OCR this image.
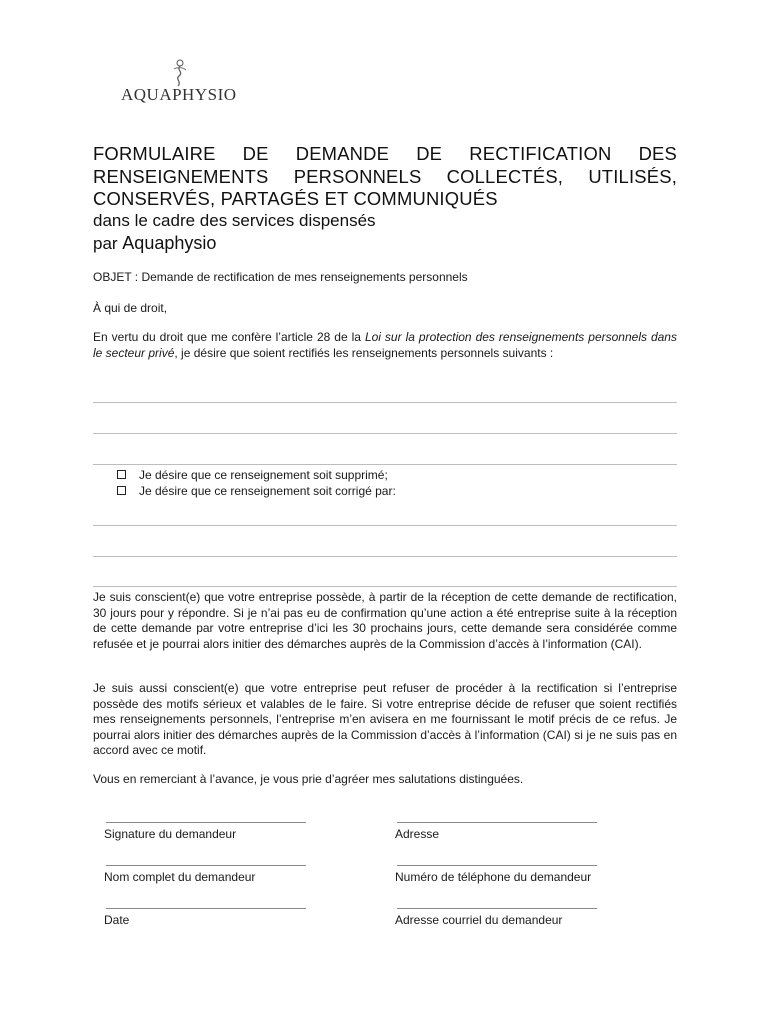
AQUAPHYSIO
FORMULAIRE DE DEMANDE DE RECTIFICATION DES
RENSEIGNEMENTS PERSONNELS COLLECTÉS, UTILISÉS,
CONSERVÉS, PARTAGÉS ET COMMUNIQUÉS
dans le cadre des services dispensés
par Aquaphysio
OBJET : Demande de rectification de mes renseignements personnels
À qui de droit,
En vertu du droit que me confère l’article 28 de la Loi sur la protection des renseignements personnels dans le secteur privé, je désire que soient rectifiés les renseignements personnels suivants :
Je désire que ce renseignement soit supprimé;
Je désire que ce renseignement soit corrigé par:
Je suis conscient(e) que votre entreprise possède, à partir de la réception de cette demande de rectification, 30 jours pour y répondre. Si je n’ai pas eu de confirmation qu’une action a été entreprise suite à la réception de cette demande par votre entreprise d’ici les 30 prochains jours, cette demande sera considérée comme refusée et je pourrai alors initier des démarches auprès de la Commission d’accès à l’information (CAI).
Je suis aussi conscient(e) que votre entreprise peut refuser de procéder à la rectification si l’entreprise possède des motifs sérieux et valables de le faire. Si votre entreprise décide de refuser que soient rectifiés mes renseignements personnels, l’entreprise m’en avisera en me fournissant le motif précis de ce refus. Je pourrai alors initier des démarches auprès de la Commission d’accès à l’information (CAI) si je ne suis pas en accord avec ce motif.
Vous en remerciant à l’avance, je vous prie d’agréer mes salutations distinguées.
Signature du demandeur	Adresse
Nom complet du demandeur	Numéro de téléphone du demandeur
Date	Adresse courriel du demandeur
